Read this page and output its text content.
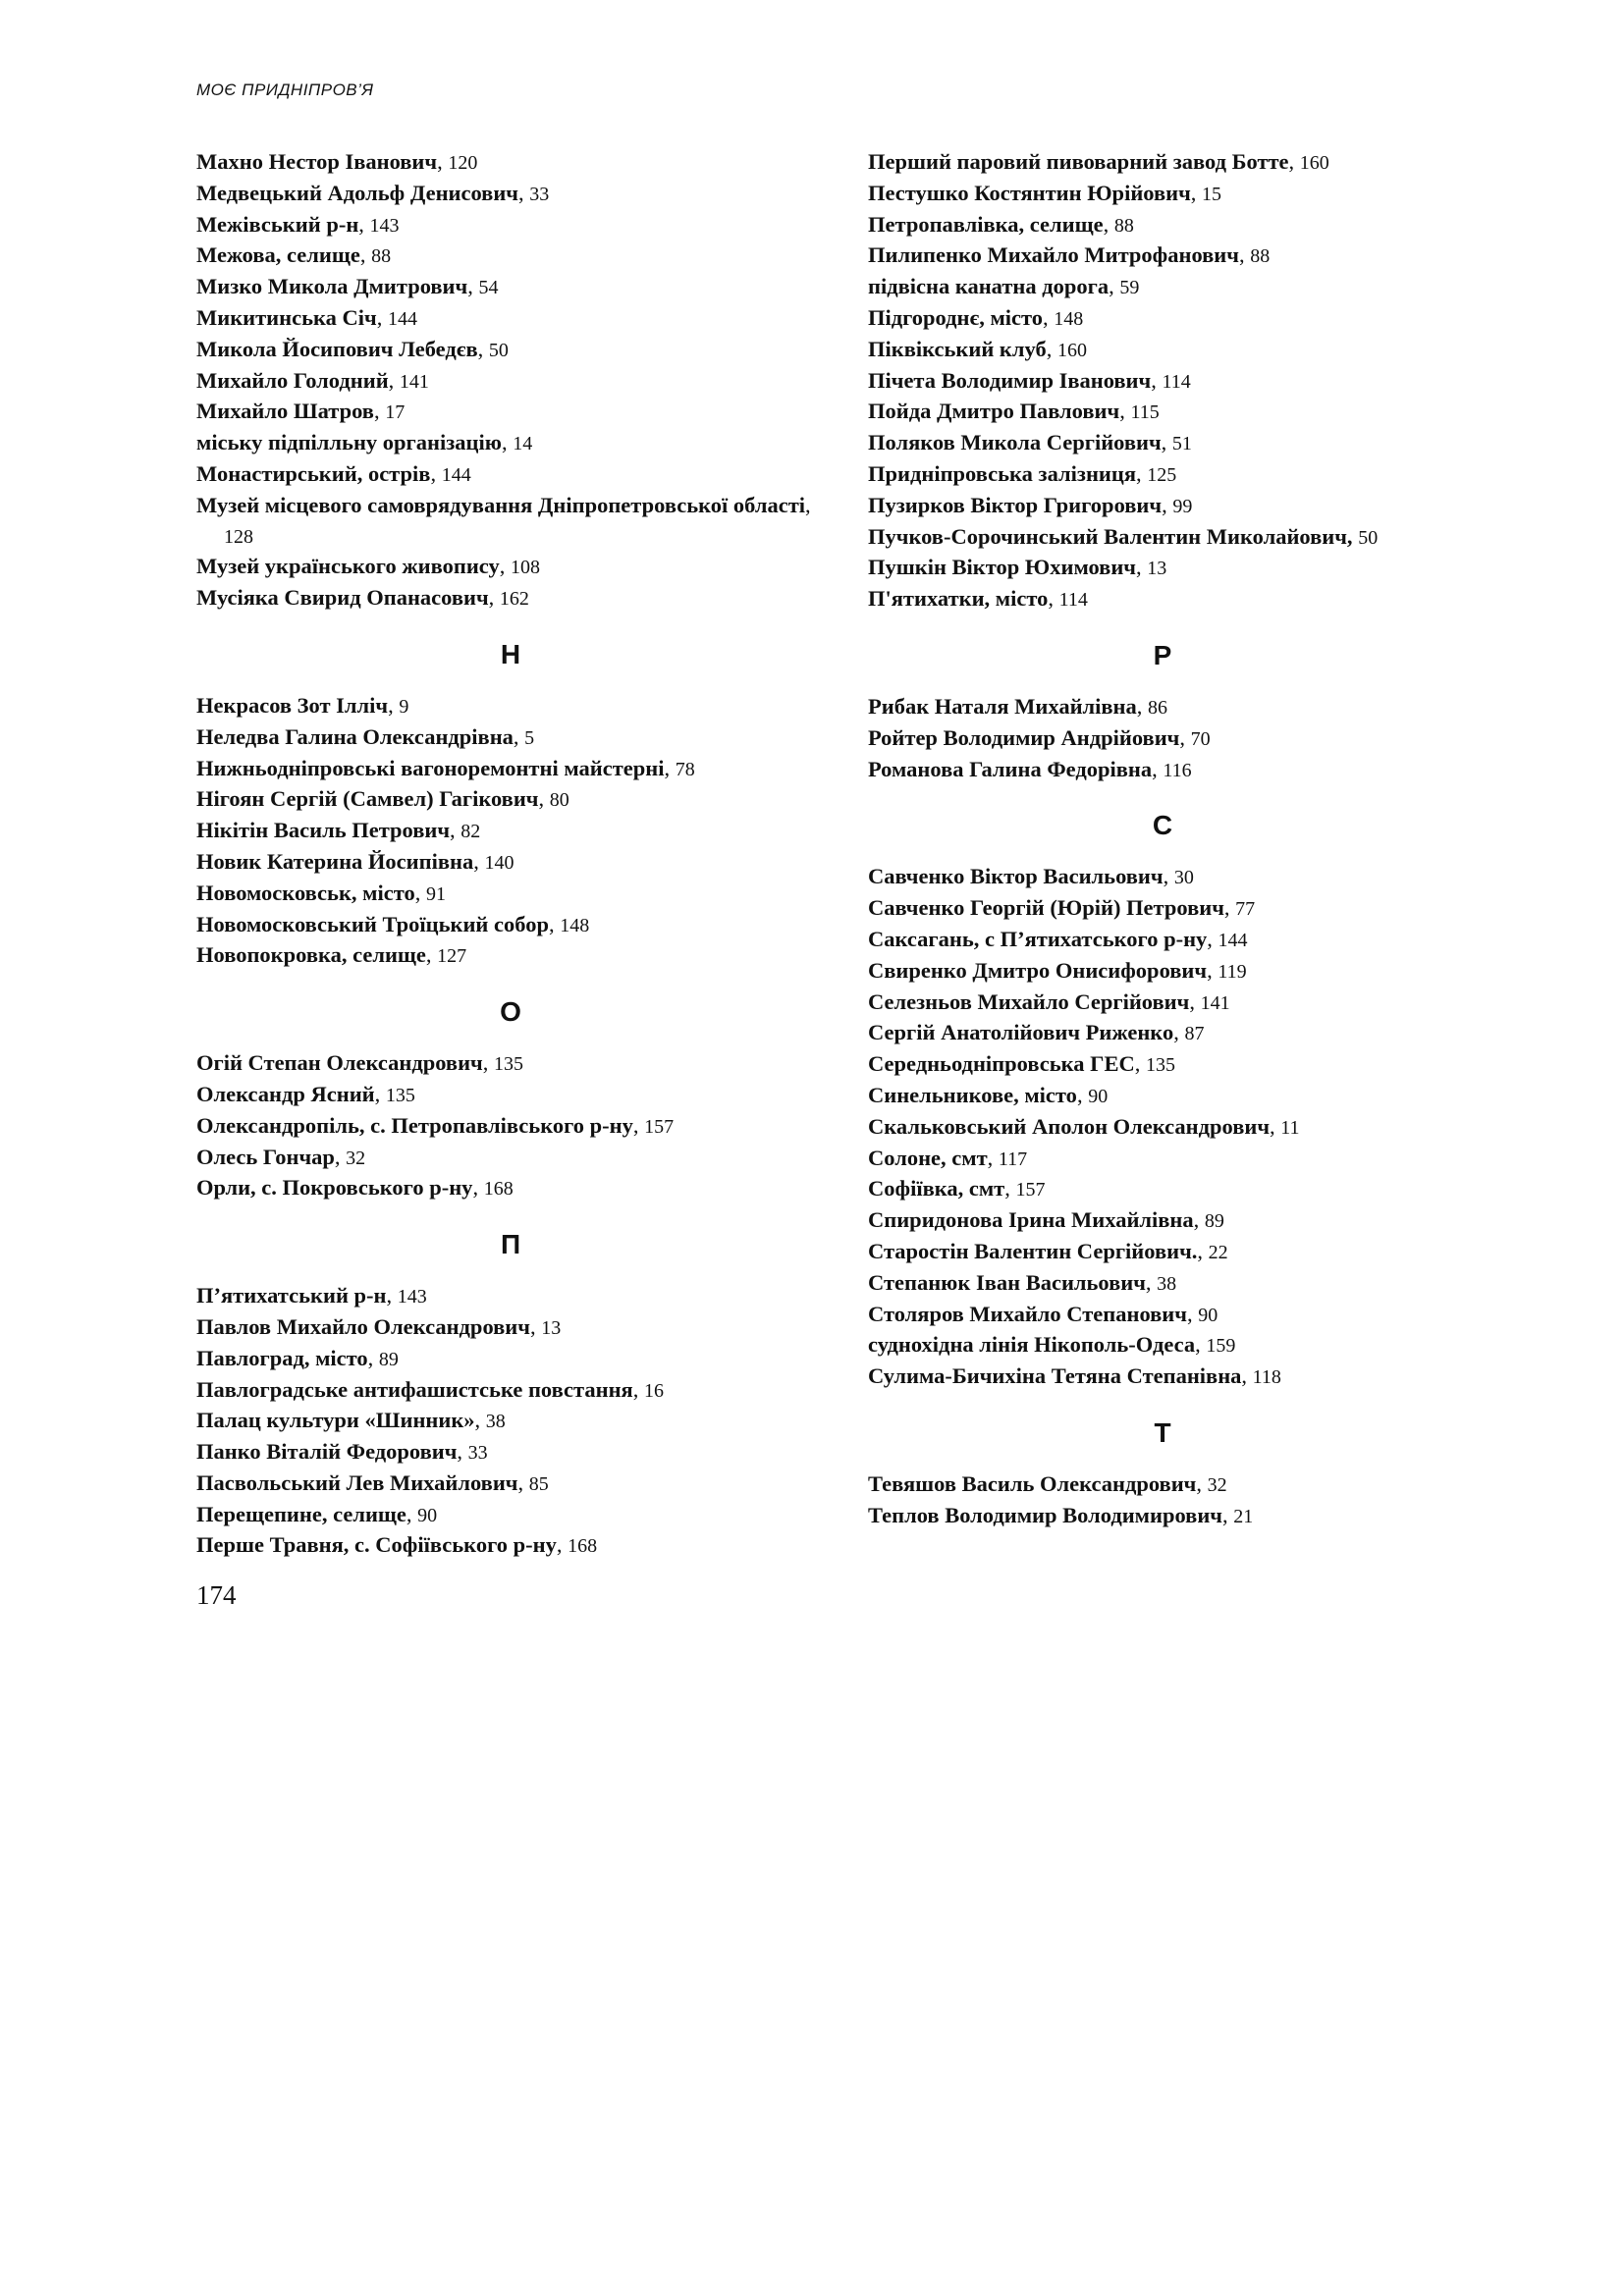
МОЄ ПРИДНІПРОВ’Я
Махно Нестор Іванович, 120
Медвецький Адольф Денисович, 33
Межівський р-н, 143
Межова, селище, 88
Мизко Микола Дмитрович, 54
Микитинська Січ, 144
Микола Йосипович Лебедєв, 50
Михайло Голодний, 141
Михайло Шатров, 17
міську підпілльну організацію, 14
Монастирський, острів, 144
Музей місцевого самоврядування Дніпропетровської області, 128
Музей українського живопису, 108
Мусіяка Свирид Опанасович, 162
Н
Некрасов Зот Ілліч, 9
Неледва Галина Олександрівна, 5
Нижньодніпровські вагоноремонтні майстерні, 78
Нігоян Сергій (Самвел) Гагікович, 80
Нікітін Василь Петрович, 82
Новик Катерина Йосипівна, 140
Новомосковськ, місто, 91
Новомосковський Троїцький собор, 148
Новопокровка, селище, 127
О
Огій Степан Олександрович, 135
Олександр Ясний, 135
Олександропіль, с. Петропавлівського р-ну, 157
Олесь Гончар, 32
Орли, с. Покровського р-ну, 168
П
П’ятихатський р-н, 143
Павлов Михайло Олександрович, 13
Павлоград, місто, 89
Павлоградське антифашистське повстання, 16
Палац культури «Шинник», 38
Панко Віталій Федорович, 33
Пасвольський Лев Михайлович, 85
Перещепине, селище, 90
Перше Травня, с. Софіївського р-ну, 168
Перший паровий пивоварний завод Ботте, 160
Пестушко Костянтин Юрійович, 15
Петропавлівка, селище, 88
Пилипенко Михайло Митрофанович, 88
підвісна канатна дорога, 59
Підгороднє, місто, 148
Піквікський клуб, 160
Пічета Володимир Іванович, 114
Пойда Дмитро Павлович, 115
Поляков Микола Сергійович, 51
Придніпровська залізниця, 125
Пузирков Віктор Григорович, 99
Пучков-Сорочинський Валентин Миколайович, 50
Пушкін Віктор Юхимович, 13
П'ятихатки, місто, 114
Р
Рибак Наталя Михайлівна, 86
Ройтер Володимир Андрійович, 70
Романова Галина Федорівна, 116
С
Савченко Віктор Васильович, 30
Савченко Георгій (Юрій) Петрович, 77
Саксагань, с П’ятихатського р-ну, 144
Свиренко Дмитро Онисифорович, 119
Селезньов Михайло Сергійович, 141
Сергій Анатолійович Риженко, 87
Середньодніпровська ГЕС, 135
Синельникове, місто, 90
Скальковський Аполон Олександрович, 11
Солоне, смт, 117
Софіївка, смт, 157
Спиридонова Ірина Михайлівна, 89
Старостін Валентин Сергійович., 22
Степанюк Іван Васильович, 38
Столяров Михайло Степанович, 90
суднохідна лінія Нікополь-Одеса, 159
Сулима-Бичихіна Тетяна Степанівна, 118
Т
Тевяшов Василь Олександрович, 32
Теплов Володимир Володимирович, 21
174
